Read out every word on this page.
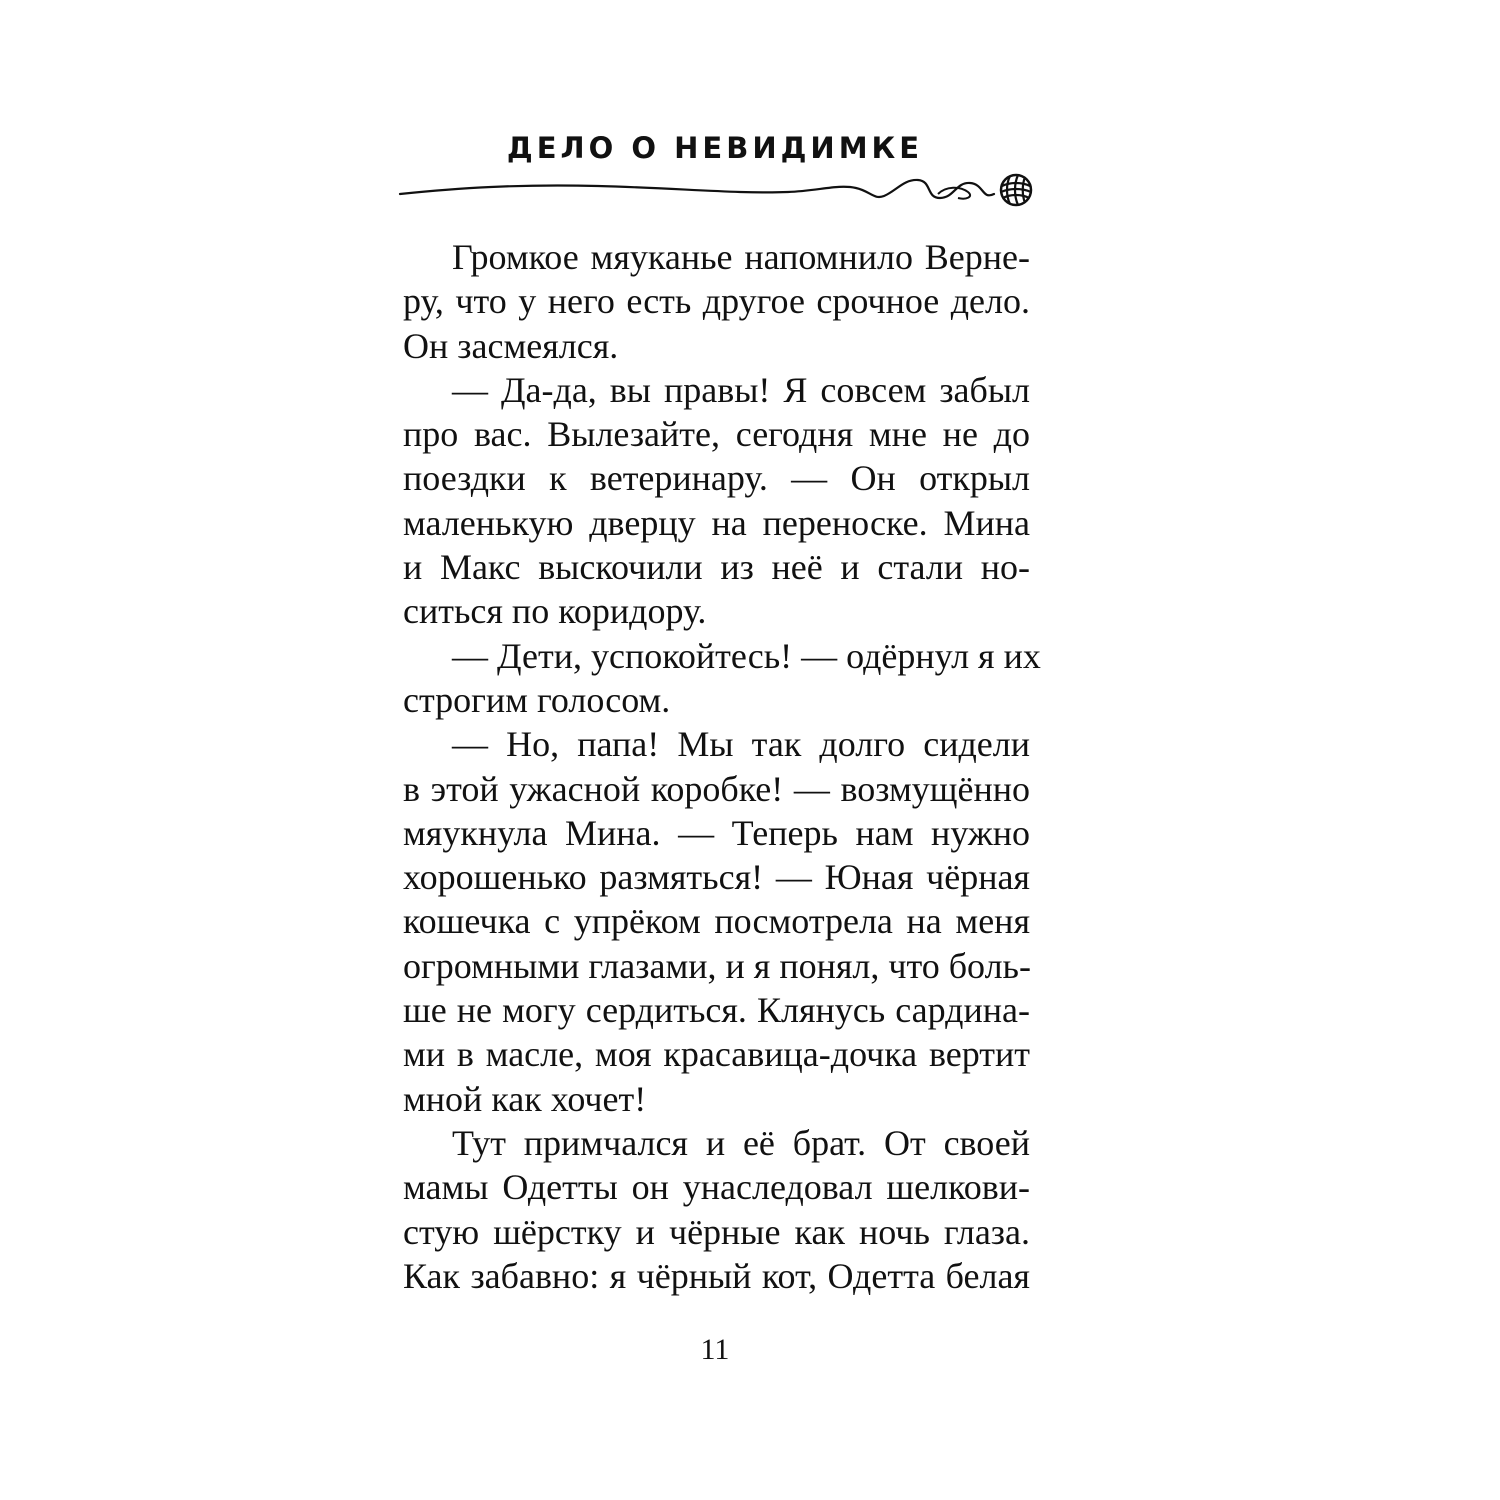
ДЕЛО О НЕВИДИМКЕ

Громкое мяуканье напомнило Верне-
ру, что у него есть другое срочное дело.
Он засмеялся.

— Да-да, вы правы! Я совсем забыл
про вас. Вылезайте, сегодня мне не до
поездки к ветеринару. — Он открыл
маленькую дверцу на переноске. Мина
и Макс выскочили из неё и стали но-
ситься по коридору.

— Дети, успокойтесь! — одёрнул я их
строгим голосом.

— Но, папа! Мы так долго сидели
в этой ужасной коробке! — возмущённо
мяукнула Мина. — Теперь нам нужно
хорошенько размяться! — Юная чёрная
кошечка с упрёком посмотрела на меня
огромными глазами, и я понял, что боль-
ше не могу сердиться. Клянусь сардина-
ми в масле, моя красавица-дочка вертит
мной как хочет!

Тут примчался и её брат. От своей
мамы Одетты он унаследовал шелкови-
стую шёрстку и чёрные как ночь глаза.
Как забавно: я чёрный кот, Одетта белая

11
